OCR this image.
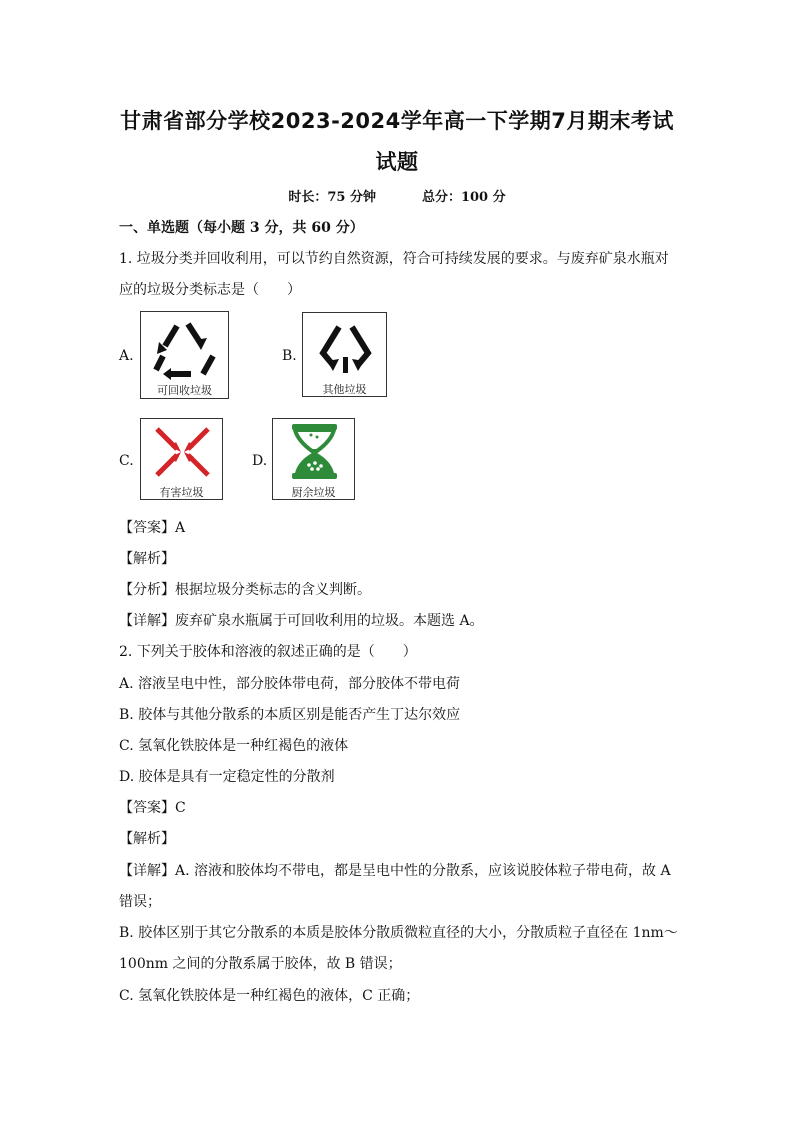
甘肃省部分学校2023-2024学年高一下学期7月期末考试
试题
时长：75 分钟	总分：100 分
一、单选题（每小题 3 分，共 60 分）
1. 垃圾分类并回收利用，可以节约自然资源，符合可持续发展的要求。与废弃矿泉水瓶对
应的垃圾分类标志是（　　）
A.
可回收垃圾
B.
其他垃圾
C.
有害垃圾
D.
厨余垃圾
【答案】A
【解析】
【分析】根据垃圾分类标志的含义判断。
【详解】废弃矿泉水瓶属于可回收利用的垃圾。本题选 A。
2. 下列关于胶体和溶液的叙述正确的是（　　）
A. 溶液呈电中性，部分胶体带电荷，部分胶体不带电荷
B. 胶体与其他分散系的本质区别是能否产生丁达尔效应
C. 氢氧化铁胶体是一种红褐色的液体
D. 胶体是具有一定稳定性的分散剂
【答案】C
【解析】
【详解】A. 溶液和胶体均不带电，都是呈电中性的分散系，应该说胶体粒子带电荷，故 A
错误；
B. 胶体区别于其它分散系的本质是胶体分散质微粒直径的大小，分散质粒子直径在 1nm～
100nm 之间的分散系属于胶体，故 B 错误；
C. 氢氧化铁胶体是一种红褐色的液体，C 正确；
